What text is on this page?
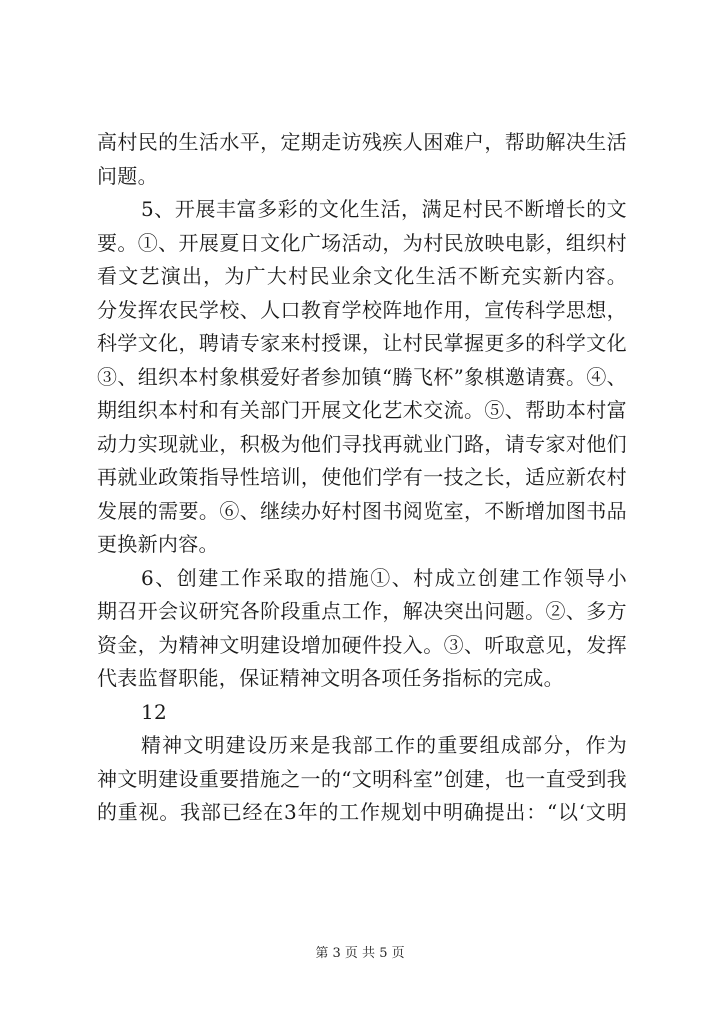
高村民的生活水平，定期走访残疾人困难户，帮助解决生活
问题。
5、开展丰富多彩的文化生活，满足村民不断增长的文
要。①、开展夏日文化广场活动，为村民放映电影，组织村
看文艺演出，为广大村民业余文化生活不断充实新内容。
分发挥农民学校、人口教育学校阵地作用，宣传科学思想，
科学文化，聘请专家来村授课，让村民掌握更多的科学文化
③、组织本村象棋爱好者参加镇“腾飞杯”象棋邀请赛。④、
期组织本村和有关部门开展文化艺术交流。⑤、帮助本村富
动力实现就业，积极为他们寻找再就业门路，请专家对他们
再就业政策指导性培训，使他们学有一技之长，适应新农村
发展的需要。⑥、继续办好村图书阅览室，不断增加图书品
更换新内容。
6、创建工作采取的措施①、村成立创建工作领导小
期召开会议研究各阶段重点工作，解决突出问题。②、多方
资金，为精神文明建设增加硬件投入。③、听取意见，发挥
代表监督职能，保证精神文明各项任务指标的完成。
12
精神文明建设历来是我部工作的重要组成部分，作为
神文明建设重要措施之一的“文明科室”创建，也一直受到我
的重视。我部已经在3年的工作规划中明确提出：“以‘文明
第 3 页 共 5 页
